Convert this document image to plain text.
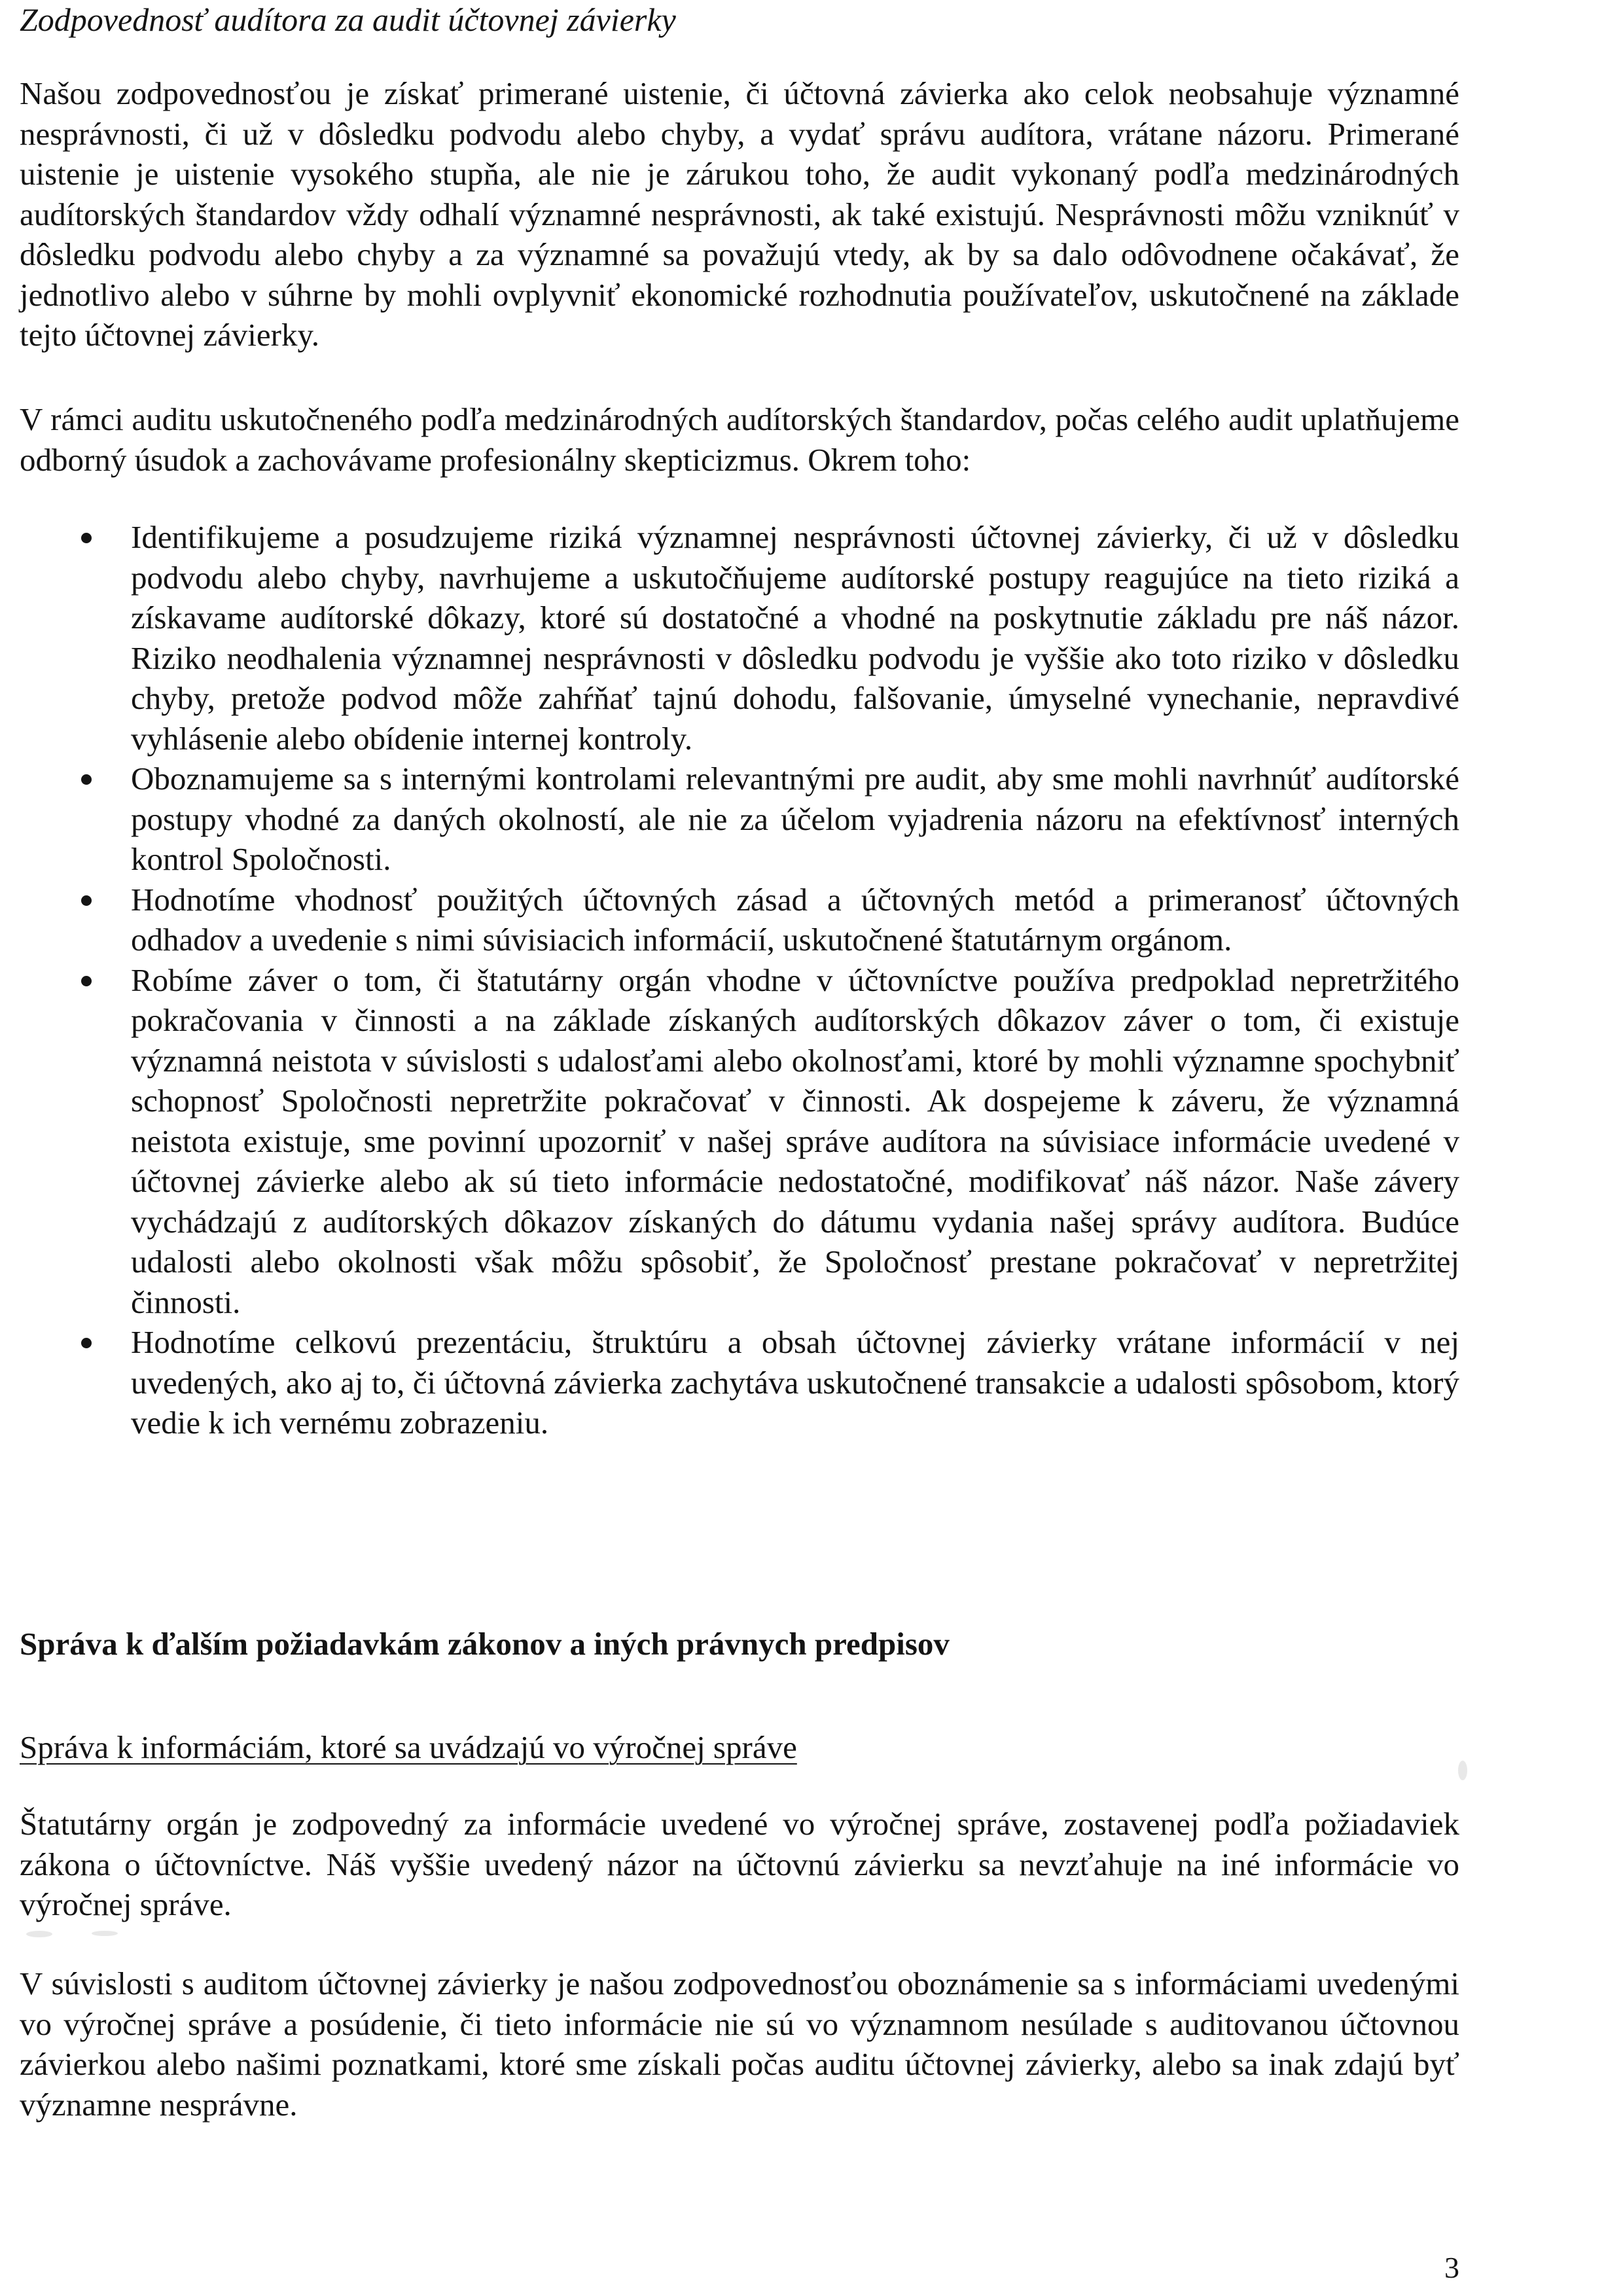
Zodpovednosť audítora za audit účtovnej závierky

Našou zodpovednosťou je získať primerané uistenie, či účtovná závierka ako celok neobsahuje významné nesprávnosti, či už v dôsledku podvodu alebo chyby, a vydať správu audítora, vrátane názoru. Primerané uistenie je uistenie vysokého stupňa, ale nie je zárukou toho, že audit vykonaný podľa medzinárodných audítorských štandardov vždy odhalí významné nesprávnosti, ak také existujú. Nesprávnosti môžu vzniknúť v dôsledku podvodu alebo chyby a za významné sa považujú vtedy, ak by sa dalo odôvodnene očakávať, že jednotlivo alebo v súhrne by mohli ovplyvniť ekonomické rozhodnutia používateľov, uskutočnené na základe tejto účtovnej závierky.

V rámci auditu uskutočneného podľa medzinárodných audítorských štandardov, počas celého audit uplatňujeme odborný úsudok a zachovávame profesionálny skepticizmus. Okrem toho:

Identifikujeme a posudzujeme riziká významnej nesprávnosti účtovnej závierky, či už v dôsledku podvodu alebo chyby, navrhujeme a uskutočňujeme audítorské postupy reagujúce na tieto riziká a získavame audítorské dôkazy, ktoré sú dostatočné a vhodné na poskytnutie základu pre náš názor. Riziko neodhalenia významnej nesprávnosti v dôsledku podvodu je vyššie ako toto riziko v dôsledku chyby, pretože podvod môže zahŕňať tajnú dohodu, falšovanie, úmyselné vynechanie, nepravdivé vyhlásenie alebo obídenie internej kontroly.
Oboznamujeme sa s internými kontrolami relevantnými pre audit, aby sme mohli navrhnúť audítorské postupy vhodné za daných okolností, ale nie za účelom vyjadrenia názoru na efektívnosť interných kontrol Spoločnosti.
Hodnotíme vhodnosť použitých účtovných zásad a účtovných metód a primeranosť účtovných odhadov a uvedenie s nimi súvisiacich informácií, uskutočnené štatutárnym orgánom.
Robíme záver o tom, či štatutárny orgán vhodne v účtovníctve používa predpoklad nepretržitého pokračovania v činnosti a na základe získaných audítorských dôkazov záver o tom, či existuje významná neistota v súvislosti s udalosťami alebo okolnosťami, ktoré by mohli významne spochybniť schopnosť Spoločnosti nepretržite pokračovať v činnosti. Ak dospejeme k záveru, že významná neistota existuje, sme povinní upozorniť v našej správe audítora na súvisiace informácie uvedené v účtovnej závierke alebo ak sú tieto informácie nedostatočné, modifikovať náš názor. Naše závery vychádzajú z audítorských dôkazov získaných do dátumu vydania našej správy audítora. Budúce udalosti alebo okolnosti však môžu spôsobiť, že Spoločnosť prestane pokračovať v nepretržitej činnosti.
Hodnotíme celkovú prezentáciu, štruktúru a obsah účtovnej závierky vrátane informácií v nej uvedených, ako aj to, či účtovná závierka zachytáva uskutočnené transakcie a udalosti spôsobom, ktorý vedie k ich vernému zobrazeniu.
Správa k ďalším požiadavkám zákonov a iných právnych predpisov
Správa k informáciám, ktoré sa uvádzajú vo výročnej správe

Štatutárny orgán je zodpovedný za informácie uvedené vo výročnej správe, zostavenej podľa požiadaviek zákona o účtovníctve. Náš vyššie uvedený názor na účtovnú závierku sa nevzťahuje na iné informácie vo výročnej správe.

V súvislosti s auditom účtovnej závierky je našou zodpovednosťou oboznámenie sa s informáciami uvedenými vo výročnej správe a posúdenie, či tieto informácie nie sú vo významnom nesúlade s auditovanou účtovnou závierkou alebo našimi poznatkami, ktoré sme získali počas auditu účtovnej závierky, alebo sa inak zdajú byť významne nesprávne.

3
